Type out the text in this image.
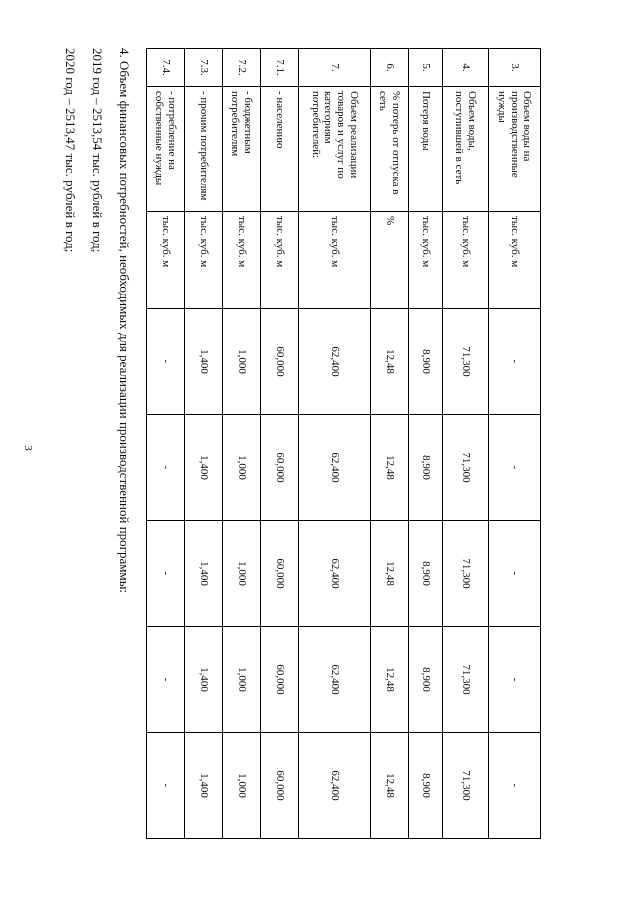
3
3.	Объем воды на производственные нужды	тыс. куб. м	-	-	-	-	-
4.	Объем воды, поступившей в сеть	тыс. куб. м	71,300	71,300	71,300	71,300	71,300
5.	Потеря воды	тыс. куб. м	8,900	8,900	8,900	8,900	8,900
6.	% потерь от отпуска в сеть	%	12,48	12,48	12,48	12,48	12,48
7.	Объем реализации товаров и услуг по категориям потребителей:	тыс. куб. м	62,400	62,400	62,400	62,400	62,400
7.1.	- населению	тыс. куб. м	60,000	60,000	60,000	60,000	60,000
7.2.	- бюджетным потребителям	тыс. куб. м	1,000	1,000	1,000	1,000	1,000
7.3.	- прочим потребителям	тыс. куб. м	1,400	1,400	1,400	1,400	1,400
7.4.	- потребление на собственные нужды	тыс. куб. м	-	-	-	-	-

4. Объем финансовых потребностей, необходимых для реализации производственной программы:

2019 год – 2513,54 тыс. рублей в год;

2020 год – 2513,47 тыс. рублей в год;
